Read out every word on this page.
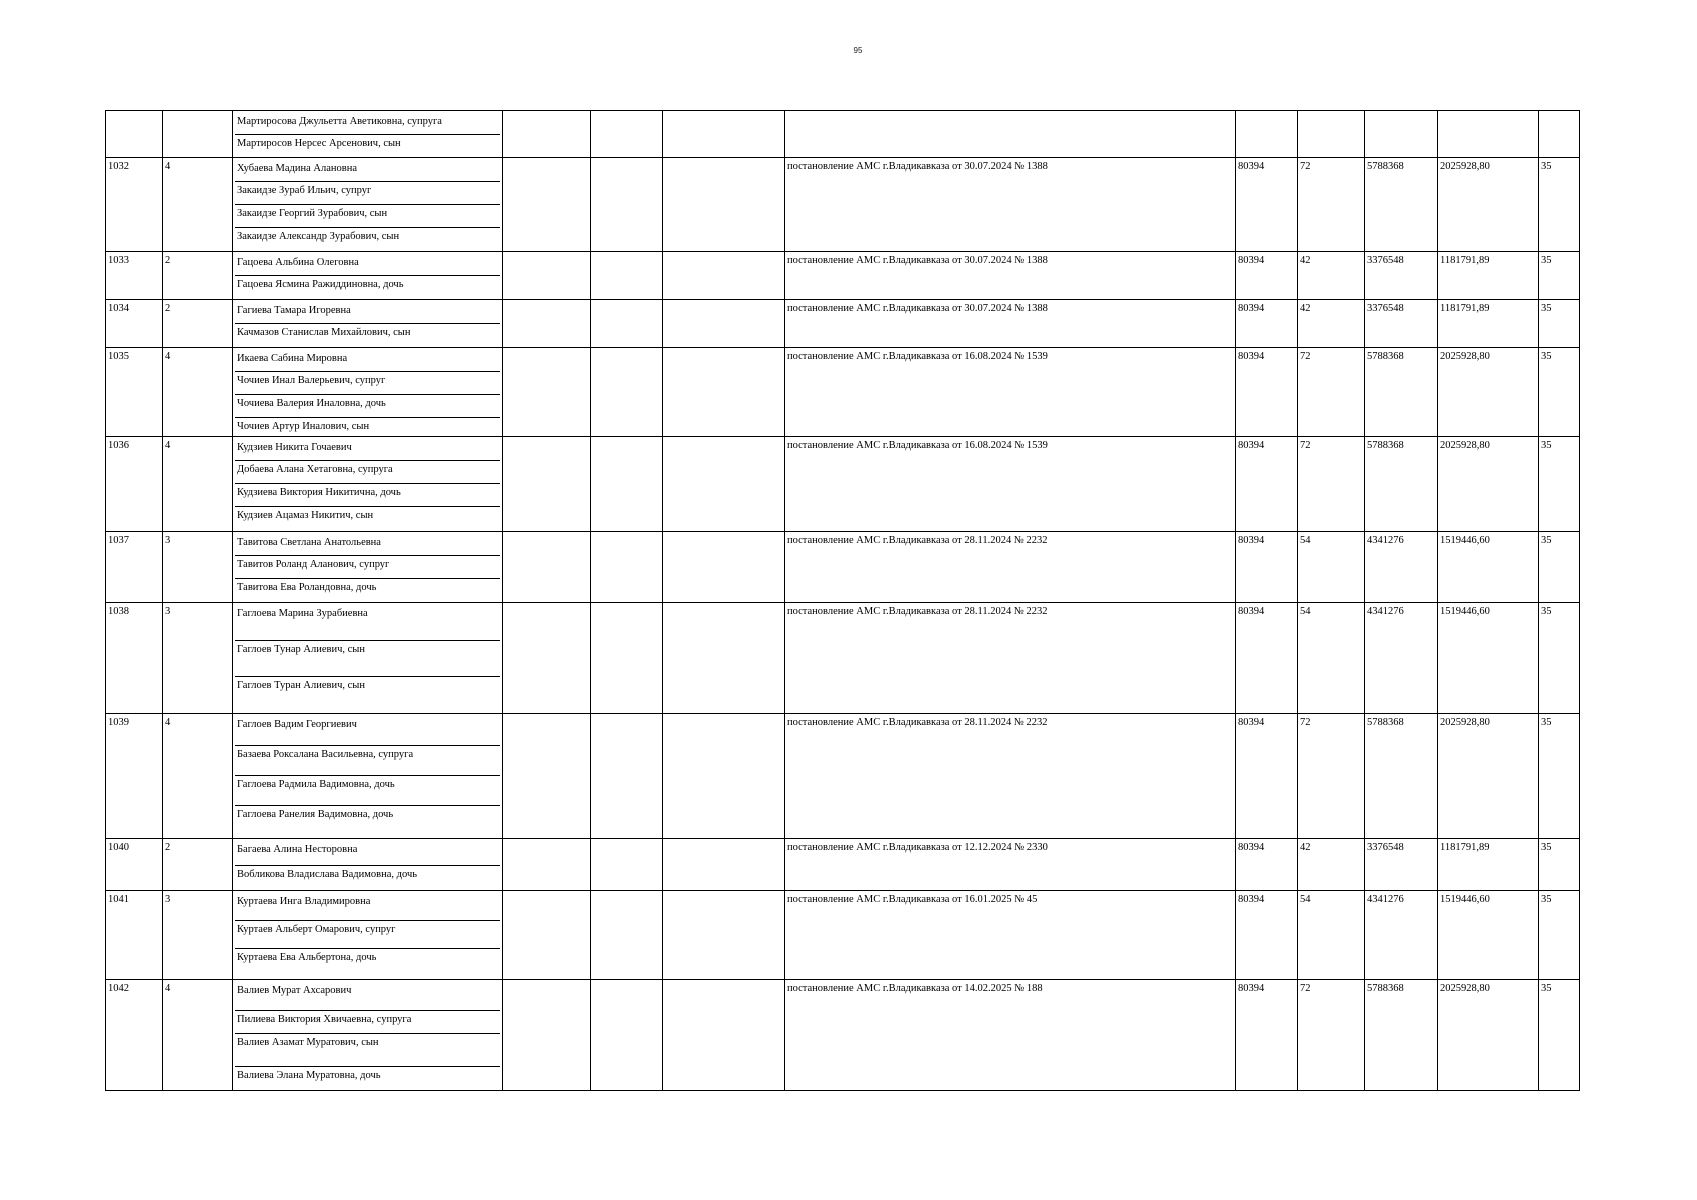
95

		Мартиросова Джульетта Аветиковна, супруга
Мартиросов Нерсес Арсенович, сын									

1032	4	Хубаева Мадина Алановна
Закаидзе Зураб Ильич, супруг
Закаидзе Георгий Зурабович, сын
Закаидзе Александр Зурабович, сын				постановление АМС г.Владикавказа от 30.07.2024 № 1388	80394	72	5788368	2025928,80	35
1033	2	Гацоева Альбина Олеговна
Гацоева Ясмина Ражиддиновна, дочь				постановление АМС г.Владикавказа от 30.07.2024 № 1388	80394	42	3376548	1181791,89	35
1034	2	Гагиева Тамара Игоревна
Качмазов Станислав Михайлович, сын				постановление АМС г.Владикавказа от 30.07.2024 № 1388	80394	42	3376548	1181791,89	35
1035	4	Икаева Сабина Мировна
Чочиев Инал Валерьевич, супруг
Чочиева Валерия Иналовна, дочь
Чочиев Артур Иналович, сын				постановление АМС г.Владикавказа от 16.08.2024 № 1539	80394	72	5788368	2025928,80	35
1036	4	Кудзиев Никита Гочаевич
Добаева Алана Хетаговна, супруга
Кудзиева Виктория Никитична, дочь
Кудзиев Ацамаз Никитич, сын				постановление АМС г.Владикавказа от 16.08.2024 № 1539	80394	72	5788368	2025928,80	35
1037	3	Тавитова Светлана Анатольевна
Тавитов Роланд Аланович, супруг
Тавитова Ева Роландовна, дочь				постановление АМС г.Владикавказа от 28.11.2024 № 2232	80394	54	4341276	1519446,60	35
1038	3	Гаглоева Марина Зурабиевна
Гаглоев Тунар Алиевич, сын
Гаглоев Туран Алиевич, сын				постановление АМС г.Владикавказа от 28.11.2024 № 2232	80394	54	4341276	1519446,60	35
1039	4	Гаглоев Вадим Георгиевич
Базаева Роксалана Васильевна, супруга
Гаглоева Радмила Вадимовна, дочь
Гаглоева Ранелия Вадимовна, дочь				постановление АМС г.Владикавказа от 28.11.2024 № 2232	80394	72	5788368	2025928,80	35
1040	2	Багаева Алина Несторовна
Вобликова Владислава Вадимовна, дочь				постановление АМС г.Владикавказа от 12.12.2024 № 2330	80394	42	3376548	1181791,89	35
1041	3	Куртаева Инга Владимировна
Куртаев Альберт Омарович, супруг
Куртаева Ева Альбертона, дочь				постановление АМС г.Владикавказа от 16.01.2025 № 45	80394	54	4341276	1519446,60	35
1042	4	Валиев Мурат Ахсарович
Пилиева Виктория Хвичаевна, супруга
Валиев Азамат Муратович, сын
Валиева Элана Муратовна, дочь				постановление АМС г.Владикавказа от 14.02.2025 № 188	80394	72	5788368	2025928,80	35
